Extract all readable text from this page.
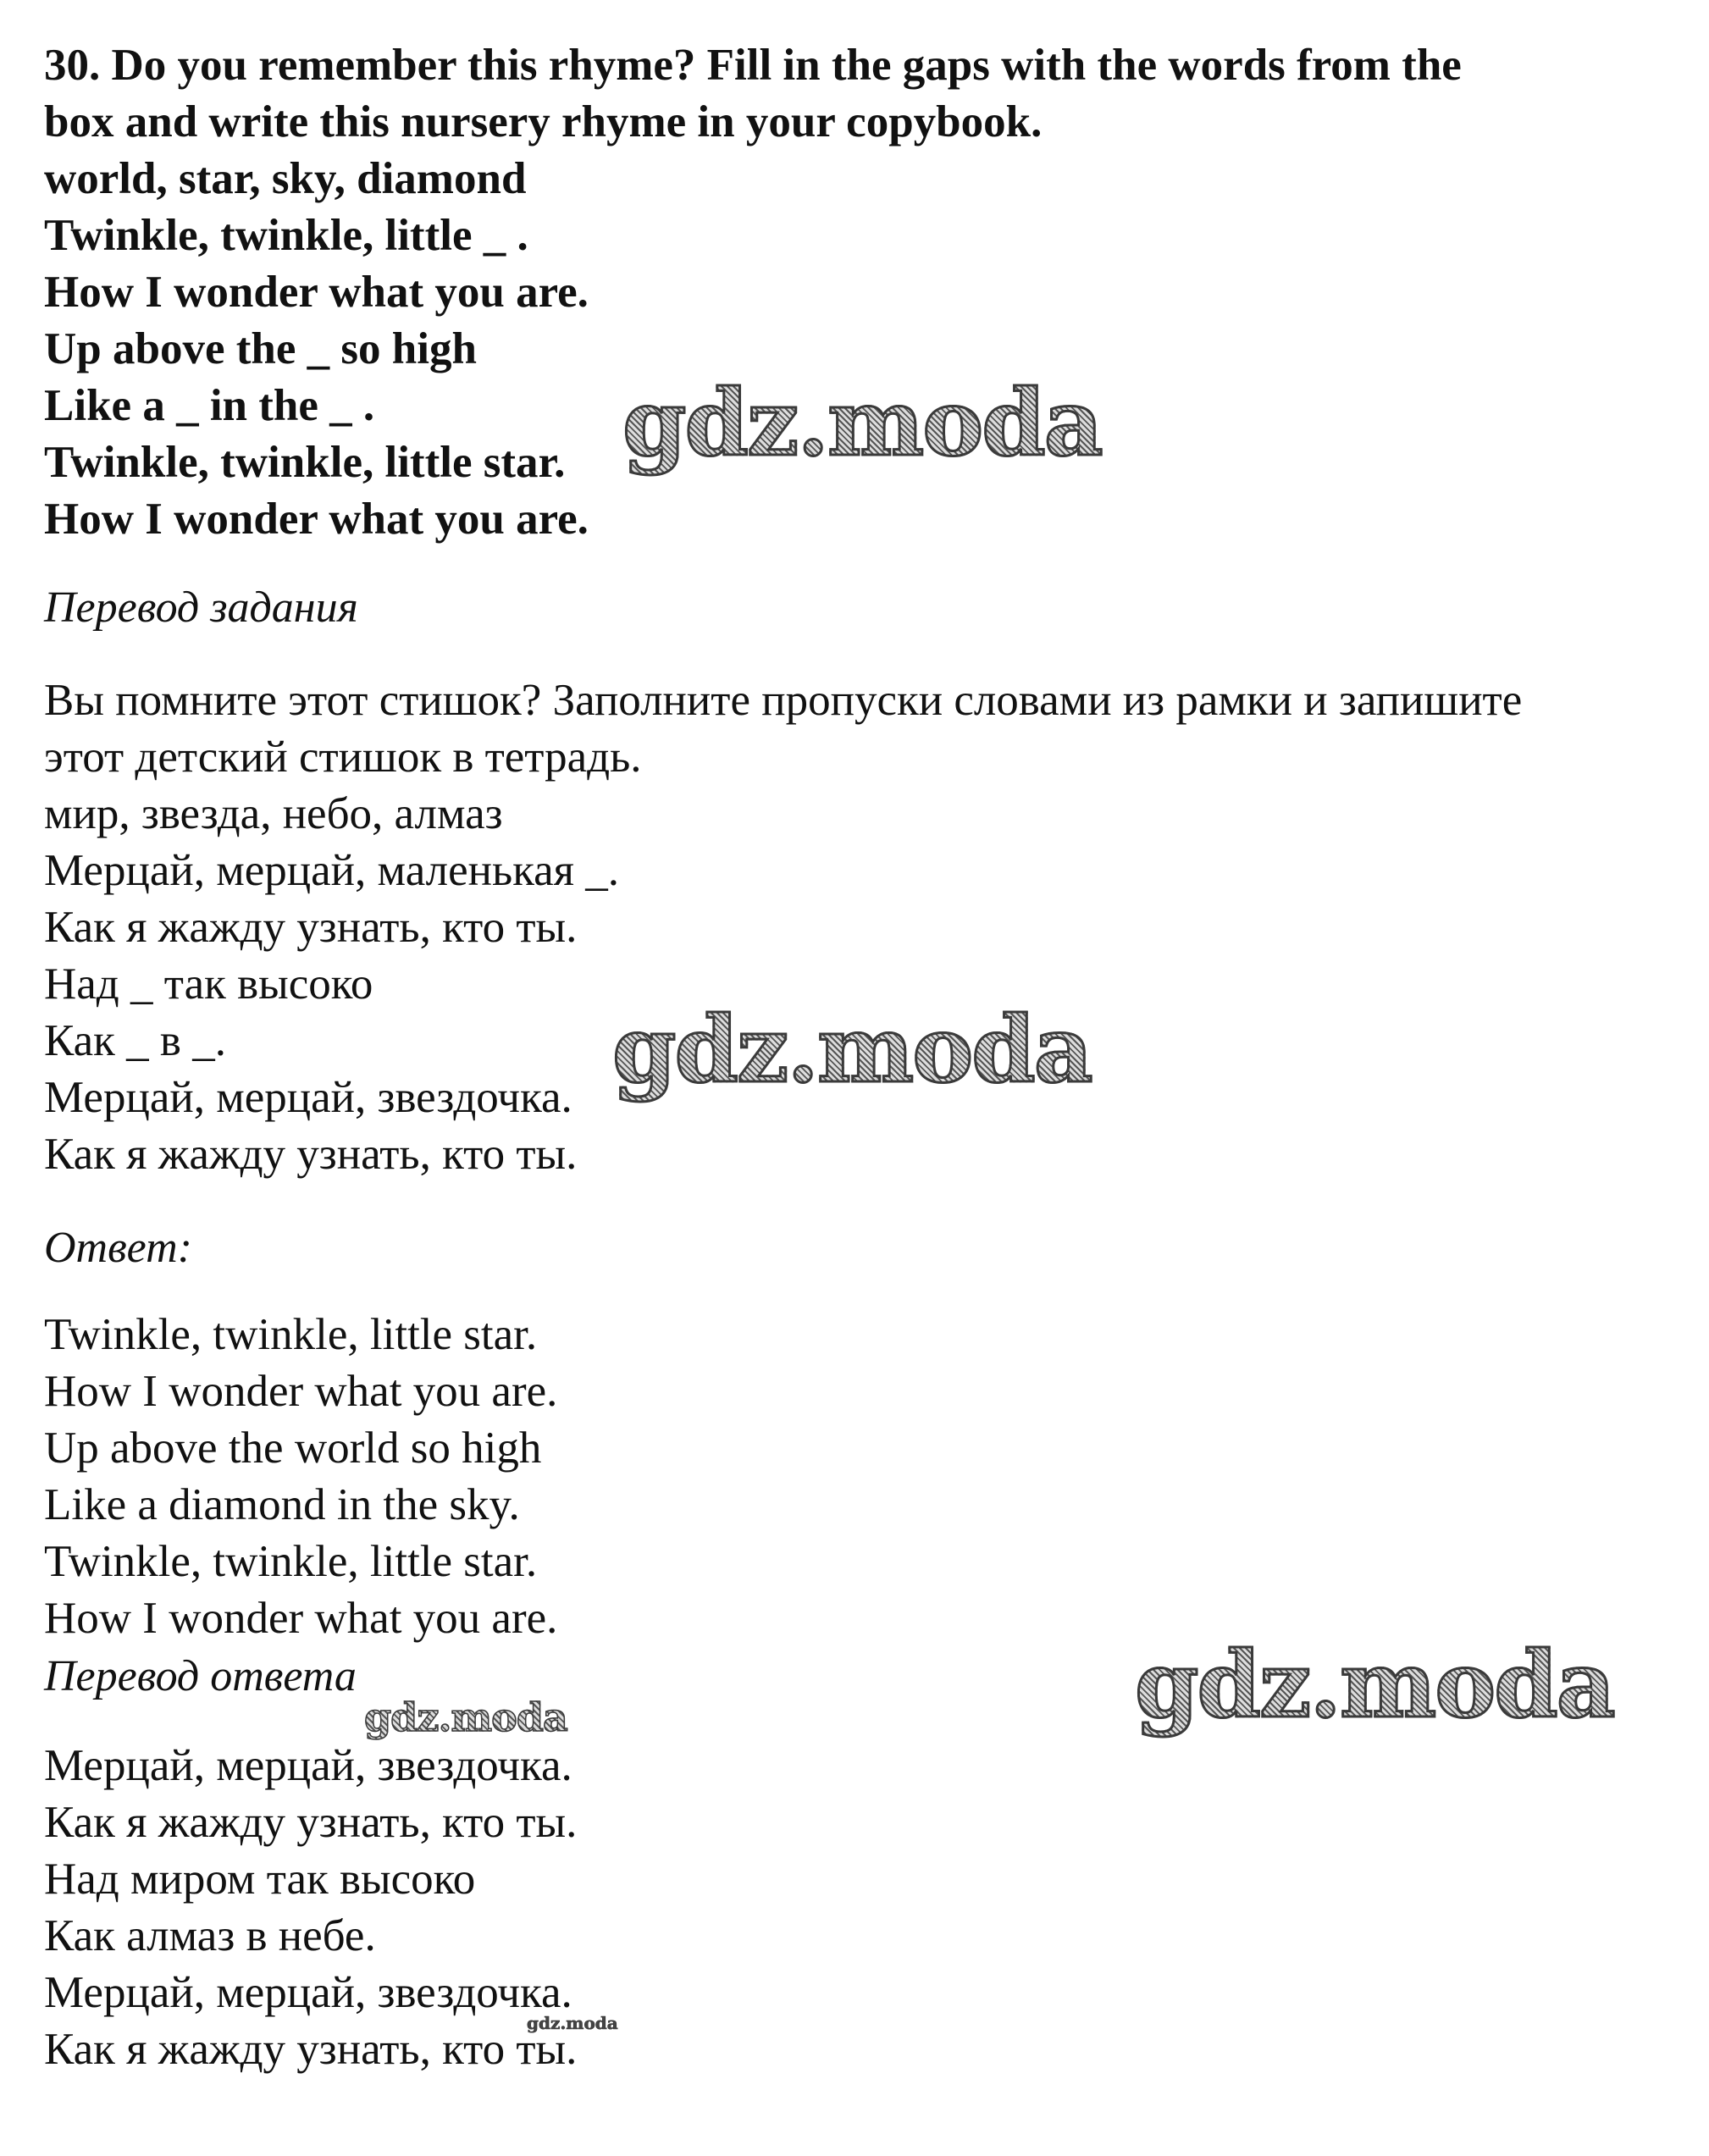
30. Do you remember this rhyme? Fill in the gaps with the words from the
box and write this nursery rhyme in your copybook.
world, star, sky, diamond
Twinkle, twinkle, little _ .
How I wonder what you are.
Up above the _ so high
Like a _ in the _ .
Twinkle, twinkle, little star.
How I wonder what you are.
Перевод задания
Вы помните этот стишок? Заполните пропуски словами из рамки и запишите
этот детский стишок в тетрадь.
мир, звезда, небо, алмаз
Мерцай, мерцай, маленькая _.
Как я жажду узнать, кто ты.
Над _ так высоко
Как _ в _.
Мерцай, мерцай, звездочка.
Как я жажду узнать, кто ты.
Ответ:
Twinkle, twinkle, little star.
How I wonder what you are.
Up above the world so high
Like a diamond in the sky.
Twinkle, twinkle, little star.
How I wonder what you are.
Перевод ответа
Мерцай, мерцай, звездочка.
Как я жажду узнать, кто ты.
Над миром так высоко
Как алмаз в небе.
Мерцай, мерцай, звездочка.
Как я жажду узнать, кто ты.
gdz.moda
gdz.moda
gdz.moda
gdz.moda
gdz.moda
